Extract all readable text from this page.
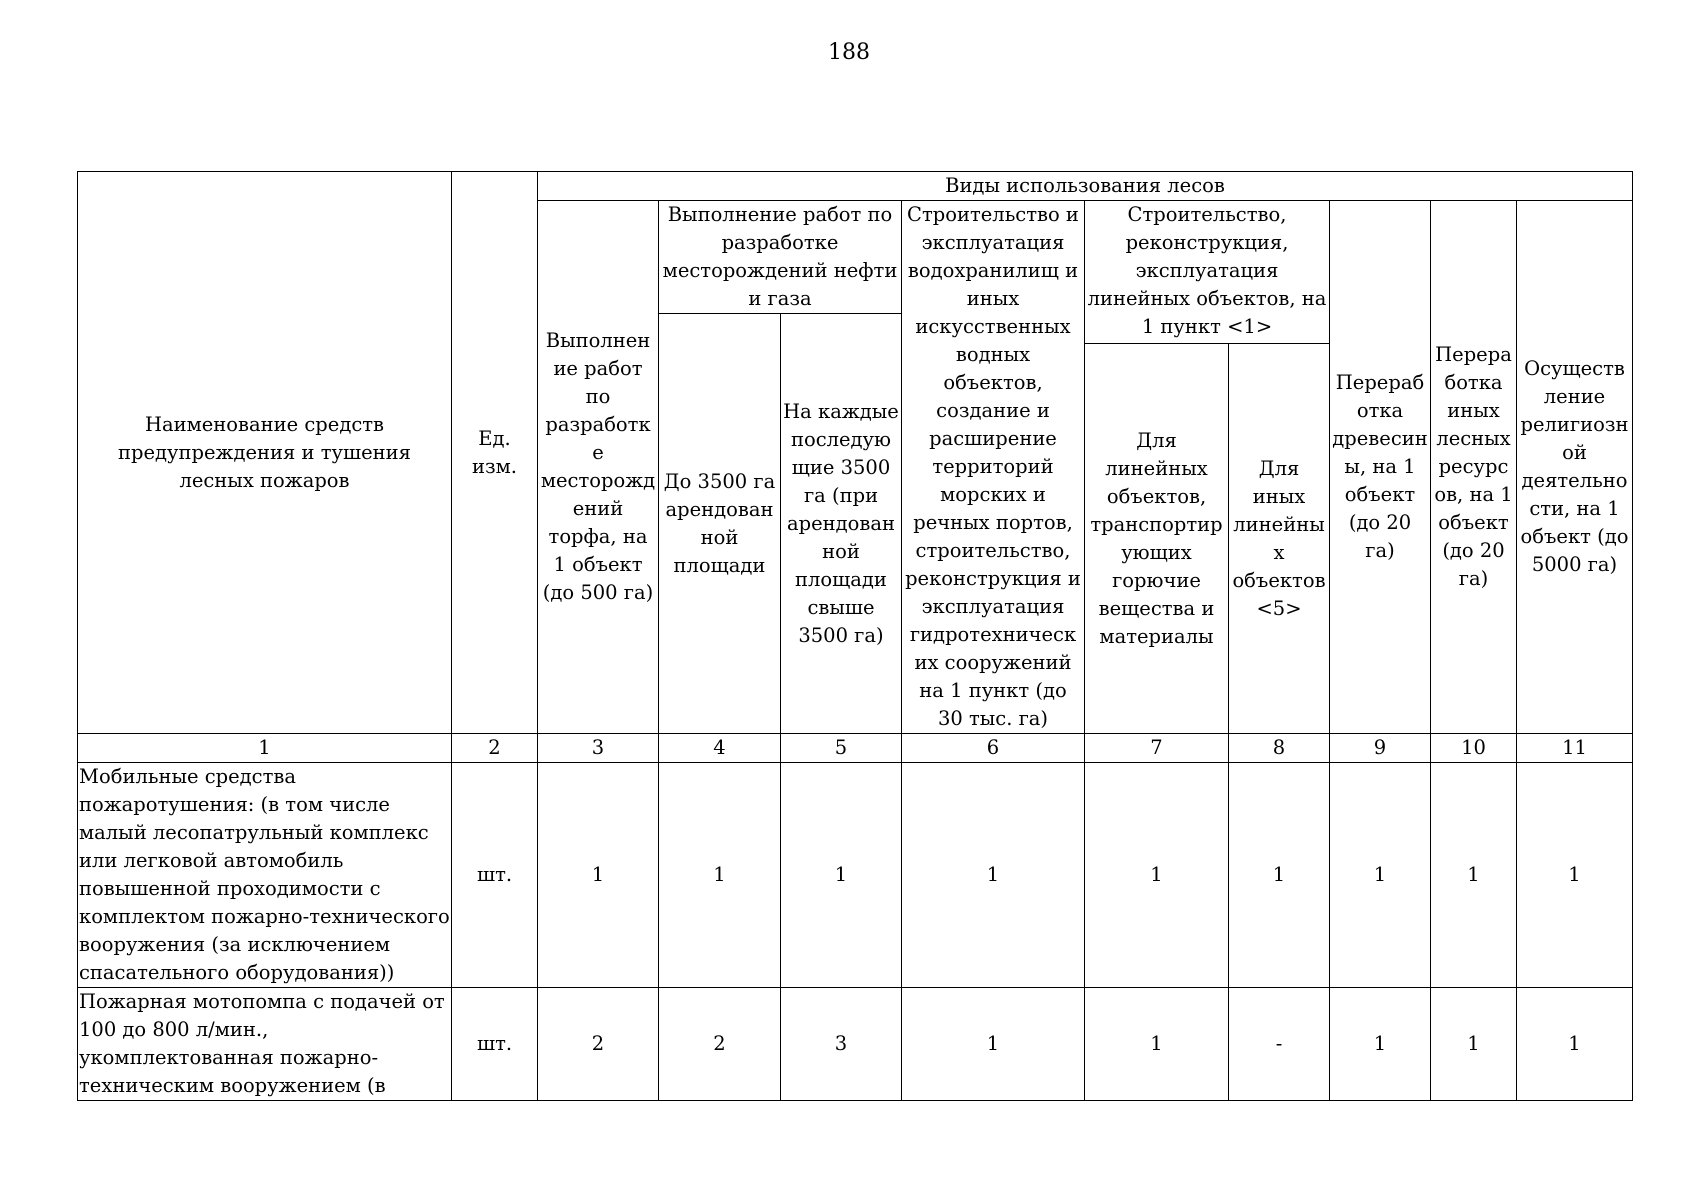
188
Наименование средств предупреждения и тушения лесных пожаров	Ед. изм.	Виды использования лесов								
		Выполнение работ по разработке месторождений торфа, на 1 объект (до 500 га)	Выполнение работ по разработке месторождений нефти и газа		Строительство и эксплуатация водохранилищ и иных искусственных водных объектов, создание и расширение территорий морских и речных портов, строительство, реконструкция и эксплуатация гидротехнических сооружений на 1 пункт (до 30 тыс. га)	Строительство, реконструкция, эксплуатация линейных объектов, на 1 пункт <1>		Переработка древесины, на 1 объект (до 20 га)	Переработка иных лесных ресурсов, на 1 объект (до 20 га)	Осуществление религиозной деятельности, на 1 объект (до 5000 га)
			До 3500 га арендованной площади	На каждые последующие 3500 га (при арендованной площади свыше 3500 га)						
						Для линейных объектов, транспортирующих горючие вещества и материалы	Для иных линейных объектов <5>			
1	2	3	4	5	6	7	8	9	10	11
Мобильные средства пожаротушения: (в том числе малый лесопатрульный комплекс или легковой автомобиль повышенной проходимости с комплектом пожарно-технического вооружения (за исключением спасательного оборудования))	шт.	1	1	1	1	1	1	1	1	1

Пожарная мотопомпа с подачей от 100 до 800 л/мин., укомплектованная пожарно-техническим вооружением (в	шт.	2	2	3	1	1	-	1	1	1
